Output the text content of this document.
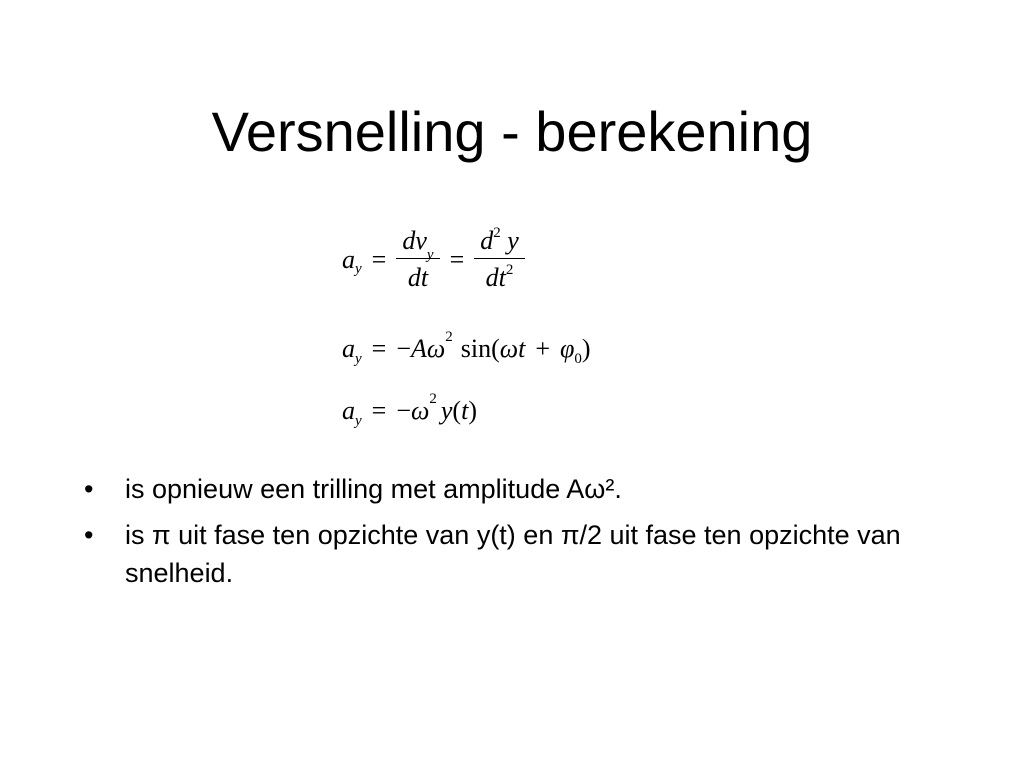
Versnelling - berekening
a $y = \frac{dv_y}{dt} = \frac{d^2 y}{dt^2}$
a y = − A ω 2 sin( ω t + φ 0 )
a y = − ω 2 y ( t )
• is opnieuw een trilling met amplitude Aω².
• is π uit fase ten opzichte van y(t) en π/2 uit fase ten opzichte van snelheid.
